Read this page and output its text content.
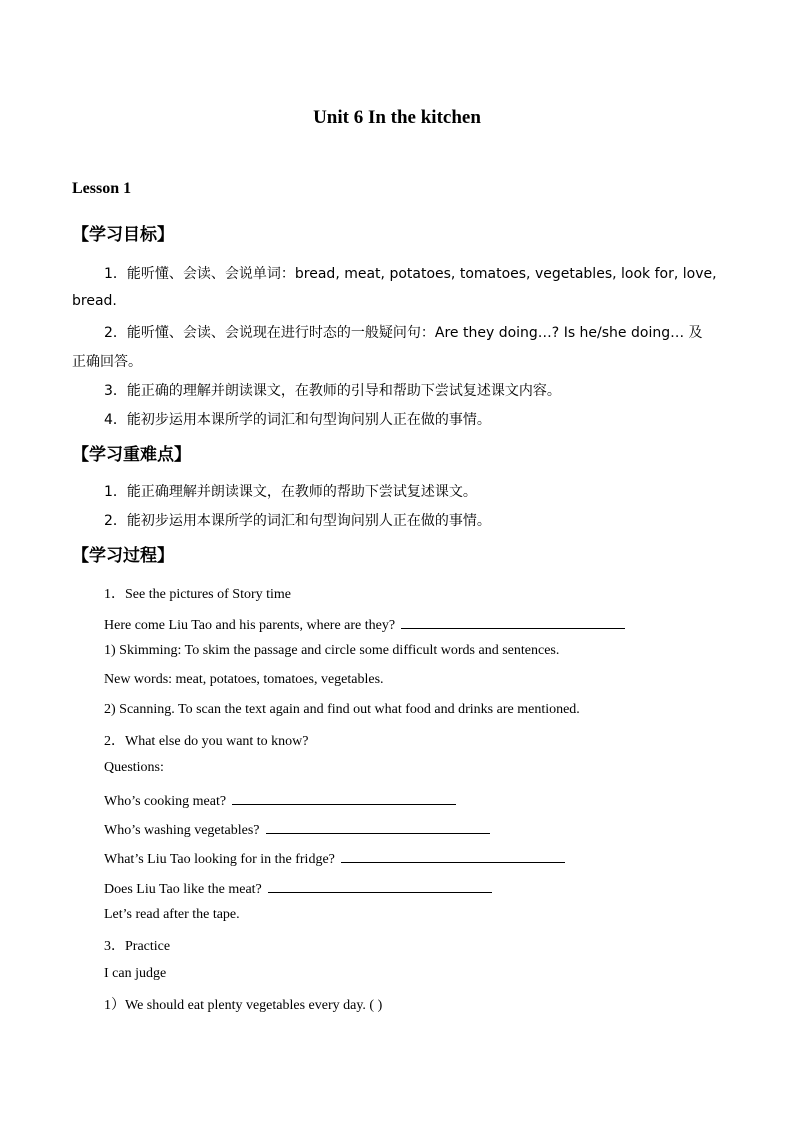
Unit 6 In the kitchen
Lesson 1
【学习目标】
1．能听懂、会读、会说单词：bread, meat, potatoes, tomatoes, vegetables, look for, love,
bread.
2．能听懂、会读、会说现在进行时态的一般疑问句：Are they doing…? Is he/she doing… 及
正确回答。
3．能正确的理解并朗读课文，在教师的引导和帮助下尝试复述课文内容。
4．能初步运用本课所学的词汇和句型询问别人正在做的事情。
【学习重难点】
1．能正确理解并朗读课文，在教师的帮助下尝试复述课文。
2．能初步运用本课所学的词汇和句型询问别人正在做的事情。
【学习过程】
1．See the pictures of Story time
Here come Liu Tao and his parents, where are they?
1) Skimming: To skim the passage and circle some difficult words and sentences.
New words: meat, potatoes, tomatoes, vegetables.
2) Scanning. To scan the text again and find out what food and drinks are mentioned.
2．What else do you want to know?
Questions:
Who’s cooking meat?
Who’s washing vegetables?
What’s Liu Tao looking for in the fridge?
Does Liu Tao like the meat?
Let’s read after the tape.
3．Practice
I can judge
1）We should eat plenty vegetables every day. ( )
